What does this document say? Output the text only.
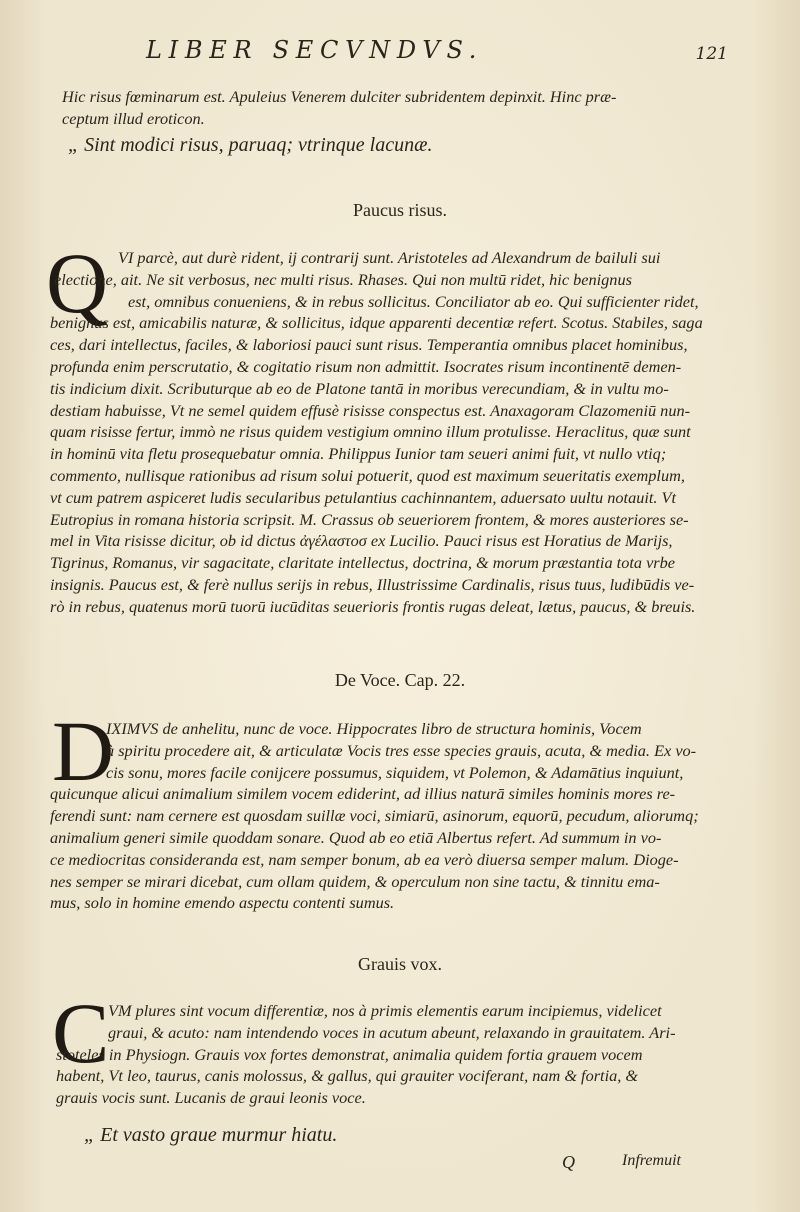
LIBER SECVNDVS.	121
Hic risus fœminarum est. Apuleius Venerem dulciter subridentem depinxit. Hinc præ-
ceptum illud eroticon.
„ Sint modici risus, paruaq; vtrinque lacunæ.
Paucus risus.
Q VI parcè, aut durè rident, ij contrarij sunt. Aristoteles ad Alexandrum de bailuli sui
electione, ait. Ne sit verbosus, nec multi risus. Rhases. Qui non multū ridet, hic benignus
est, omnibus conueniens, & in rebus sollicitus. Conciliator ab eo. Qui sufficienter ridet,
benignus est, amicabilis naturæ, & sollicitus, idque apparenti decentiæ refert. Scotus. Stabiles, saga
ces, dari intellectus, faciles, & laboriosi pauci sunt risus. Temperantia omnibus placet hominibus,
profunda enim perscrutatio, & cogitatio risum non admittit. Isocrates risum incontinentē demen-
tis indicium dixit. Scributurque ab eo de Platone tantā in moribus verecundiam, & in vultu mo-
destiam habuisse, Vt ne semel quidem effusè risisse conspectus est. Anaxagoram Clazomeniū nun-
quam risisse fertur, immò ne risus quidem vestigium omnino illum protulisse. Heraclitus, quæ sunt
in hominū vita fletu prosequebatur omnia. Philippus Iunior tam seueri animi fuit, vt nullo vtiq;
commento, nullisque rationibus ad risum solui potuerit, quod est maximum seueritatis exemplum,
vt cum patrem aspiceret ludis secularibus petulantius cachinnantem, aduersato uultu notauit. Vt
Eutropius in romana historia scripsit. M. Crassus ob seueriorem frontem, & mores austeriores se-
mel in Vita risisse dicitur, ob id dictus ἀγέλαστοσ ex Lucilio. Pauci risus est Horatius de Marijs,
Tigrinus, Romanus, vir sagacitate, claritate intellectus, doctrina, & morum præstantia tota vrbe
insignis. Paucus est, & ferè nullus serijs in rebus, Illustrissime Cardinalis, risus tuus, ludibūdis ve-
rò in rebus, quatenus morū tuorū iucūditas seuerioris frontis rugas deleat, lætus, paucus, & breuis.
De Voce. Cap. 22.
D
IXIMVS de anhelitu, nunc de voce. Hippocrates libro de structura hominis, Vocem
à spiritu procedere ait, & articulatæ Vocis tres esse species grauis, acuta, & media. Ex vo-
cis sonu, mores facile conijcere possumus, siquidem, vt Polemon, & Adamātius inquiunt,
quicunque alicui animalium similem vocem ediderint, ad illius naturā similes hominis mores re-
ferendi sunt: nam cernere est quosdam suillæ voci, simiarū, asinorum, equorū, pecudum, aliorumq;
animalium generi simile quoddam sonare. Quod ab eo etiā Albertus refert. Ad summum in vo-
ce mediocritas consideranda est, nam semper bonum, ab ea verò diuersa semper malum. Dioge-
nes semper se mirari dicebat, cum ollam quidem, & operculum non sine tactu, & tinnitu ema-
mus, solo in homine emendo aspectu contenti sumus.
Grauis vox.
C
VM plures sint vocum differentiæ, nos à primis elementis earum incipiemus, videlicet
graui, & acuto: nam intendendo voces in acutum abeunt, relaxando in grauitatem. Ari-
stoteles in Physiogn. Grauis vox fortes demonstrat, animalia quidem fortia grauem vocem
habent, Vt leo, taurus, canis molossus, & gallus, qui grauiter vociferant, nam & fortia, &
grauis vocis sunt. Lucanis de graui leonis voce.
„ Et vasto graue murmur hiatu.
Q	Infremuit
